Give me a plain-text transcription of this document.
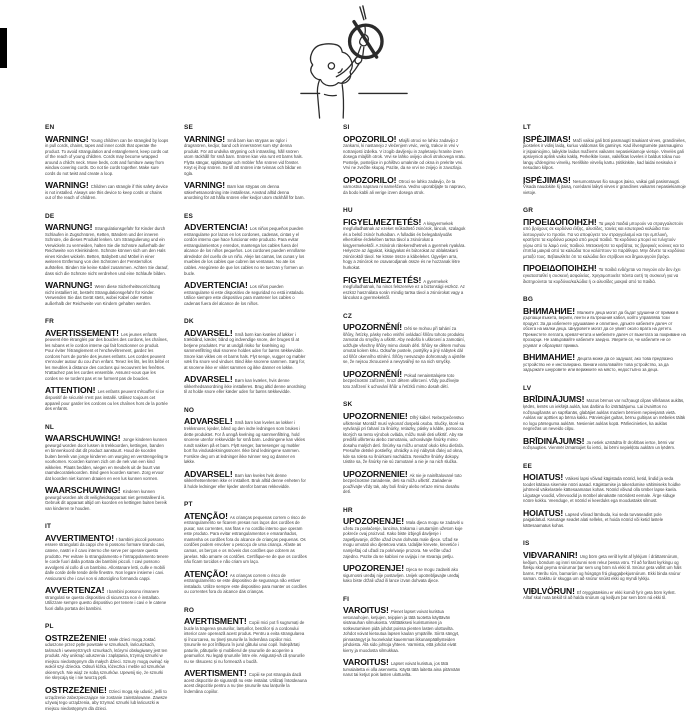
EN

WARNING! Young children can be strangled by loops in pull cords, chains, tapes and inner cords that operate the product. To avoid strangulation and entanglement, keep cords out of the reach of young children. Cords may become wrapped around a child's neck. Move beds, cots and furniture away from window covering cords. Do not tie cords together. Make sure cords do not twist and create a loop.

WARNING! Children can strangle if this safety device is not installed. Always use this device to keep cords or chains out of the reach of children.

DE

WARNUNG! Strangulationsgefahr für Kinder durch Schlaufen in Zugschnüren, Ketten, Bändern und der inneren Schnüre, die dieses Produkt lenken. Um Strangulierung und ein Verwickeln zu vermeiden, halten Sie die Schnüre außerhalb der Reichweite von Kleinkindern. Schnüre können sich um den Hals eines Kindes wickeln. Betten, Babybett und Möbel in einer weiteren Entfernung von den Schnüren der Fensterrollos aufstellen. Binden Sie keine Kabel zusammen. Achten Sie darauf, dass sich die Schnüre nicht verdrehen und eine Schlaufe bilden.

WARNUNG! Wenn diese Sicherheitsvorrichtung nicht installiert ist, besteht Strangulationsgefahr für Kinder. Verwenden Sie das Gerät stets, wobei Kabel oder Ketten außerhalb der Reichweite von Kindern gehalten werden.

FR

AVERTISSEMENT! Les jeunes enfants peuvent être étranglés par des boucles des cordons, les chaînes, les rubans et le cordon interne qui fait fonctionner ce produit. Pour éviter l'étranglement et l'enchevêtrement, gardez les cordons hors de portée des jeunes enfants. Les cordes peuvent s'enrouler autour du cou d'un enfant. Tenez les lits, les lits bébé et les meubles à distance des cordons qui recouvrent les fenêtres. N'attachez pas les cordes ensemble. Assurez-vous que les cordes ne se tordent pas et ne forment pas de boucles.

ATTENTION! Les enfants peuvent s'étouffer si ce dispositif de sécurité n'est pas installé. Utilisez toujours cet appareil pour garder les cordons ou les chaînes hors de la portée des enfants.

NL

WAARSCHUWING! Jonge kinderen kunnen gewurgd worden door lussen in trekkoorden, kettingen, banden en binnenkoord dat dit product aanstuurt. Houd de koorden buiten bereik van jonge kinderen om wurging en verstrengeling te voorkomen. Koorden kunnen zich om de nek van een kind wikkelen. Plaats bedden, wiegen en meubels uit de buurt van raamdecoratiekoorden. Bind geen koorden samen. Zorg ervoor dat koorden niet kunnen draaien en een lus kunnen vormen.

WAARSCHUWING! Kinderen kunnen gewurgd worden als dit veiligheidsapparaat niet geïnstalleerd is. Gebruik dit apparaat altijd om koorden en kettingen buiten bereik van kinderen te houden.

IT

AVVERTIMENTO! I bambini piccoli possono essere strangolati da cappi che si possono formare tirando cavi, catene, nastri e il cavo interno che serve per operare questo prodotto. Per evitare lo strangolamento e l'intrappolamento tenere le corde fuori dalla portata dei bambini piccoli. I cavi possono avvolgersi al collo di un bambino. Allontanare letti, culle e mobili dalle corde delle tende delle finestre. Non legare insieme i cavi. Assicurarsi che i cavi non si attorciglino formando cappi.

AVVERTENZA! I bambini possono rimanere strangolati se questo dispositivo di sicurezza non è installato. Utilizzare sempre questo dispositivo per tenere i cavi e le catene fuori dalla portata dei bambini.

PL

OSTRZEŻENIE! Małe dzieci mogą zostać uduszone przez pętle powstałe w sznurkach, łańcuszkach, taśmach i wewnętrznych sznurkach, którymi obsługiwany jest ten produkt. Aby uniknąć uduszenia i zaplątania, trzymaj sznurki w miejscu niedostępnym dla małych dzieci. Sznury mogą owinąć się wokół szyi dziecka. Odsuń łóżka, łóżeczka i meble od sznurków okiennych. Nie wiąż ze sobą sznurków. Upewnij się, że sznurki nie skręcają się i nie tworzą pętli.

OSTRZEŻENIE! Dzieci mogą się udusić, jeśli to urządzenie zabezpieczające nie zostanie zainstalowane. Zawsze używaj tego urządzenia, aby trzymać sznurki lub łańcuszki w miejscu niedostępnym dla dzieci.

SE

VARNING! Små barn kan strypas av öglor i dragsnören, kedjor, band och innersnöret som styr denna produkt. För att undvika strypning och intrassling, håll snören utom räckhåll för små barn. Snören kan vira runt ett barns hals. Flytta sängar, spjälsängar och möbler från snören vid fönster. Knyt ej ihop snören. Se till att snören inte tvinnas och bildar en ögla.

VARNING! Barn kan strypas om denna säkerhetsanordning inte installeras. Använd alltid denna anordning för att hålla snören eller kedjor utom räckhåll för barn.

ES

ADVERTENCIA! Los niños pequeños pueden estrangularse por lazos en los cordones, cadenas, cintas y el cordón interno que hace funcionar este producto. Para evitar estrangulamientos y enredos, mantenga los cables fuera del alcance de los niños pequeños. Los cordones pueden enrollarse alrededor del cuello de un niño. Aleje las camas, las cunas y los muebles de los cables que cubren las ventanas. No ate los cables. Asegúrese de que los cables no se tuerzan y formen un bucle.

ADVERTENCIA! Los niños pueden estrangularse si este dispositivo de seguridad no está instalado. Utilice siempre este dispositivo para mantener los cables o cadenas fuera del alcance de los niños.

DK

ADVARSEL! Små børn kan kvæles af løkker i trækbånd, kæder, bånd og indvendige snore, der bruges til at betjene produktet. For at undgå risiko for kvælning og sammenfiltring skal snorene holdes uden for børns rækkevidde. Snore kan vikles om et barns hals. Flyt senge, vugger og møbler væk fra snore ved vinduer. Bind ikke snorene sammen. Sørg for, at snorene ikke er viklet sammen og ikke danner en løkke.

ADVARSEL! Børn kan kvæles, hvis denne sikkerhedsanordning ikke installeres. Brug altid denne anordning til at holde snore eller kæder uden for børns rækkevidde.

NO

ADVARSEL! Små barn kan kveles av løkker i trekksnorer, kjeder, bånd og den indre ledningen som brukes i dette produktet. For å unngå kvelning og sammenfiltring, hold snorene utenfor rekkevidde for små barn. Ledningene kan vikles rundt nakken på et barn. Flytt senger, barnesenger og møbler bort fra vindusdekningssnorer. Ikke bind ledningene sammen. Forsikre deg om at ledninger ikke tvinner seg og danner en løkke.

ADVARSEL! Barn kan kveles hvis denne sikkerhetsenheten ikke er installert. Bruk alltid denne enheten for å holde ledninger eller kjeder utenfor barnas rekkevidde.

PT

ATENÇÃO! As crianças pequenas correm o risco de estrangulamento se ficarem presas nos laços dos cordões de puxar, nas correntes, nas fitas e no cordão interno que operam este produto. Para evitar estrangulamentos e emaranhados, mantenha os cordões fora do alcance de crianças pequenas. Os cordões podem envolver o pescoço de uma criança. Afaste as camas, os berços e os móveis dos cordões que cobrem as janelas. Não amarre os cordões. Certifique-se de que os cordões não ficam torcidos e não criam um laço.

ATENÇÃO! As crianças correm o risco de estrangulamento se este dispositivo de segurança não estiver instalado. Utilize sempre este dispositivo para manter os cordões ou correntes fora do alcance das crianças.

RO

AVERTISMENT! Copiii mici pot fi sugrumați de bucle la tragerea șnururilor, lanțurilor, benzilor și a cordonului interior care operează acest produs. Pentru a evita strangularea și încurcarea, nu țineți șnururile la îndemâna copiilor mici. Șnururile se pot înfășura în jurul gâtului unui copil. Îndepărtați paturile, pătuțurile și mobilierul de șnururile de acoperire a geamurilor. Nu legați șnururile între ele. Asigurați-vă că șnururile nu se răsucesc și nu formează o buclă.

AVERTISMENT! Copiii se pot strangula dacă acest dispozitiv de siguranță nu este instalat. Utilizați întotdeauna acest dispozitiv pentru a nu ține șnururile sau lanțurile la îndemâna copiilor.

SI

OPOZORILO! Mlajši otroci se lahko zadavijo z zankami, ki nastanejo z vlečenjem vrvic, verig, trakov in vrvi v notranjosti izdelka. V izogib davljenju in zapletanju hranite izven dosega mlajših otrok. Vrvi se lahko ovijejo okoli otrokovega vratu. Postelje, posteljice in pohištvo umaknite od okna in prekrite vrvi. Vrvi ne zvežite skupaj. Pazite, da se vrvi ne zvijejo in zavozlajo.

OPOZORILO! Otroci se lahko zadavijo, če ta varnostna naprava ni nameščena. Vedno uporabljajte to napravo, da bodo kabli ali verige izven dosega otrok.

HU

FIGYELMEZTETÉS! A kisgyermekek megfulladhatnak az ezeket működtető zsinórok, láncok, szalagok és a belső zsinór hurkaiban. A fulladás és belegabalyodás elkerülése érdekében tartsa távol a zsinórokat a kisgyermekektől. A zsinórok rátekeredhetnek a gyermek nyakára. Helyezze az ágyakat, kiságyakat és bútorokat az ablaktakaró zsinóroktól távol. Ne kösse össze a kábeleket. Ügyeljen arra, hogy a zsinórok ne csavarodjanak össze és ne hozzanak létre hurkokat.

FIGYELMEZTETÉS! A gyermekek megfulladhatnak, ha nincs felszerelve ez a biztonsági eszköz. Az eszköz használata során mindig tartsa távol a zsinórokat vagy a láncokat a gyermekektől.

CZ

UPOZORNĚNÍ! Děti se mohou při tahání za šňůry, řetízky, pásky nebo vnitřní ovládací šňůru tohoto produktu zamotat do smyčky a uškrtit. Aby nedošlo k uškrcení a zamotání, udržujte všechny šňůry mimo dosah dětí. Šňůry se dětem mohou omotat kolem krku. Odsuňte postele, postýlky a jiný nábytek dál od šňůr okenního stínění. Šňůry nesvazujte dohromady a ujistěte se, že nejsou zkroucené a nevytvářejí se na nich smyčky.

UPOZORNĚNÍ! Pokud nenainstalujete toto bezpečnostní zařízení, hrozí dětem uškrcení. Vždy používejte toto zařízení k uchování šňůr a řetízků mimo dosah dětí.

SK

UPOZORNENIE! Dlhý kábel. Nebezpečenstvo uškrtenia! Montáž musí vykonať dospelá osoba. Slučky, ktoré sa vytvárajú pri ťahaní za šnúrky, retiazky, pásky a káble, pomocou ktorých sa tento výrobok ovláda, môžu malé deti uškrtiť. Aby ste predišli uškrteniu alebo zamotaniu, uchovávajte šnúrky mimo dosahu malých detí. Šnúrky sa môžu omotať okolo krku dieťaťa. Presuňte detské postieľky, ohrádky a iný nábytok ďalej od okna, kde sa roleta so šnúrkami nachádza. Neviažte šnúrky dokopy. Uistite sa, že šnúrky nie sú zamotané a nie je na nich slučka.

UPOZORNENIE! Ak nie je nainštalované toto bezpečnostné zariadenie, deti sa môžu uškrtiť. Zariadenie používajte vždy tak, aby boli šnúry alebo reťaze mimo dosahu detí.

HR

UPOZORENJE! Mala djeca mogu se zadaviti u užetu za povlačenje, lancima, trakama i unutarnjim užetom koje pokreće ovaj proizvod. Kako biste izbjegli davljenje i zapetljavanje, držite užad izvan dohvata male djece. Užad se mogu omotati oko djetetova vrata. Udaljite krevete, krevetiće i namještaj od užadi za pokrivanje prozora. Ne vežite užad zajedno. Pazite da se kablovi ne uvijaju i ne stvaraju petlju.

UPOZORENJE! Djeca se mogu zadaviti ako sigurnosni uređaj nije postavljen. Uvijek upotrebljavajte uređaj kako biste držali užad ili lance izvan dohvata djece.

FI

VAROITUS! Pienet lapset voivat kuristua vetonauhojen, ketjujen, teippien ja tätä tuotetta käyttävän sisänauhan silmukoista. Välttääksesi kuristumisen ja sotkeutumisen pidä johdot poissa pienten lasten ulottuvilta. Johdot voivat kietoutua lapsen kaulan ympärille. Siirrä sängyt, pinnasängyt ja huonekalut kauemmas ikkunanpäällysteiden johdoista. Älä sido johtoja yhteen. Varmista, että johdot eivät kierry ja muodosta silmukkaa.

VAROITUS! Lapset voivat kuristua, jos tätä turvalaitetta ei olla asennettu. Käytä tätä laitetta aina pitämään narut tai ketjut pois lasten ulottuvilta.

LT

ĮSPĖJIMAS! Maži vaikai gali būti pasmaugti traukiant virves, grandinėles, juosteles ir vidinį laidą, kuriuo valdomas šis gaminys. Kad išvengtumėte pasmaugimo ir įsipainiojimo, laikykite laidus mažiems vaikams nepasiekiamoje vietoje. Virvelės gali apsivynioti aplink vaiko kaklą. Perkelkite lovas, vaikiškas loveles ir baldus toliau nuo langų uždengimo virvelių. Neriškite virvelių kartu. Įsitikinkite, kad laidai nesisuka ir nesudaro kilpos.

ĮSPĖJIMAS! Nesumontavus šio saugos įtaiso, vaikai gali pasismaugti. Visada naudokite šį įtaisą, norėdami laikyti virves ir grandines vaikams nepasiekiamoje vietoje.

GR

ΠΡΟΕΙΔΟΠΟΙΗΣΗ! Τα μικρά παιδιά μπορούν να στραγγαλιστούν από βρόχους σε κορδόνια έλξης, αλυσίδες, ταινίες και εσωτερικά καλώδια που λειτουργούν το προϊόν. Για να αποφύγετε τον στραγγαλισμό και την εμπλοκή, κρατήστε τα κορδόνια μακριά από μικρά παιδιά. Τα κορδόνια μπορεί να τυλιχτούν γύρω από το λαιμό ενός παιδιού. Μετακινήστε τα κρεβάτια, τις βρεφικές κούνιες και τα έπιπλα μακριά από τα καλώδια που καλύπτουν τα παράθυρα. Μην δένετε τα κορδόνια μεταξύ τους. Βεβαιωθείτε ότι τα καλώδια δεν στρίβουν και δημιουργούν βρόχο.

ΠΡΟΕΙΔΟΠΟΙΗΣΗ! Τα παιδιά ενδέχεται να πνιγούν εάν δεν έχει εγκατασταθεί η συσκευή ασφαλείας. Χρησιμοποιείτε πάντα αυτή τη συσκευή για να διατηρούνται τα κορδόνια/καλώδια ή οι αλυσίδες μακριά από τα παιδιά.

BG

ВНИМАНИЕ! Малките деца могат да бъдат удушени от примки в дърпащи въжета, вериги, ленти и вътрешния кабел, който управлява този продукт. За да избегнете удушаване и оплитане, дръжте кабелите далеч от обсега на малки деца. Шнуровете могат да се увият около врата на детето. Преместете леглата, креватчетата и мебелите далеч от въжетата за покриване на прозорци. Не завързвайте кабелите заедно. Уверете се, че кабелите не се усукват и образуват примка.

ВНИМАНИЕ! Децата може да се задушат, ако това предпазно устройство не е инсталирано. Винаги използвайте това устройство, за да задържате шнуровете или верижките на място, недостъпно за деца.

LV

BRĪDINĀJUMS! Mazus bērnus var nožņaugt cilpas vilkšanas auklās, ķēdēs, lentēs un iekšējā auklā, kas darbina šo izstrādājumu. Lai izvairītos no nožņaugšanās un sapīšanās, glabājiet auklas maziem bērniem nepieejamā vietā. Auklas var aptīties ap bērna kaklu. Pārvietojiet gultas, bērnu gultiņas un mēbeles tālāk no logu pārseguma auklām. Nesieniet auklas kopā. Pārliecinieties, ka auklas negriežas un neveido cilpu.

BRĪDINĀJUMS! Ja netiek uzstādīta šī drošības ierīce, bērni var nožņaugties. Vienmēr izmantojiet šo ierīci, lai bērni nepiekļūtu auklām un ķēdēm.

EE

HOIATUS! Väikesi lapsi võivad kägistada nöörid, ketid, lindid ja seda toodet käitava sisemise nööri aasad. Kägistamise ja takerdumise vältimiseks hoidke juhtmeid väikelastele kättesaamatus kohas. Nöörid võivad olla ümber lapse kaela. Liigutage voodid, võrevoodid ja mööbel aknakatte nööridest eemale. Ärge siduge nööre kokku. Veenduge, et nöörid ei keerduks ega moodustaks silmust.

HOIATUS! Lapsed võivad lämbuda, kui seda turvaseadist pole paigaldatud. Kasutage seadet alati selleks, et hoida nöörid või ketid lastele kättesaamatus kohas.

IS

VIÐVARANIR! Ung börn geta verið kyrkt af lykkjum í dráttarsnúrum, keðjum, böndum og innri snúrunni sem rekur þessa vöru. Til að forðast kyrkingu og flækju skal geyma snúrurnar þar sem ung börn ná ekki til. Snúrur geta vafist um háls barns. Færðu rúm, barnarúm og húsgögn frá gluggaþekjusnúrum. Ekki binda snúrur saman. Gakktu úr skugga um að snúrur snúist ekki og myndi lykkju.

VIÐLVÖRUN! Ef öryggistækinu er ekki komið fyrir geta börn kyrkst. Alltaf skal nota tækið til að halda snúrum og keðjum þar sem börn ná ekki til.
